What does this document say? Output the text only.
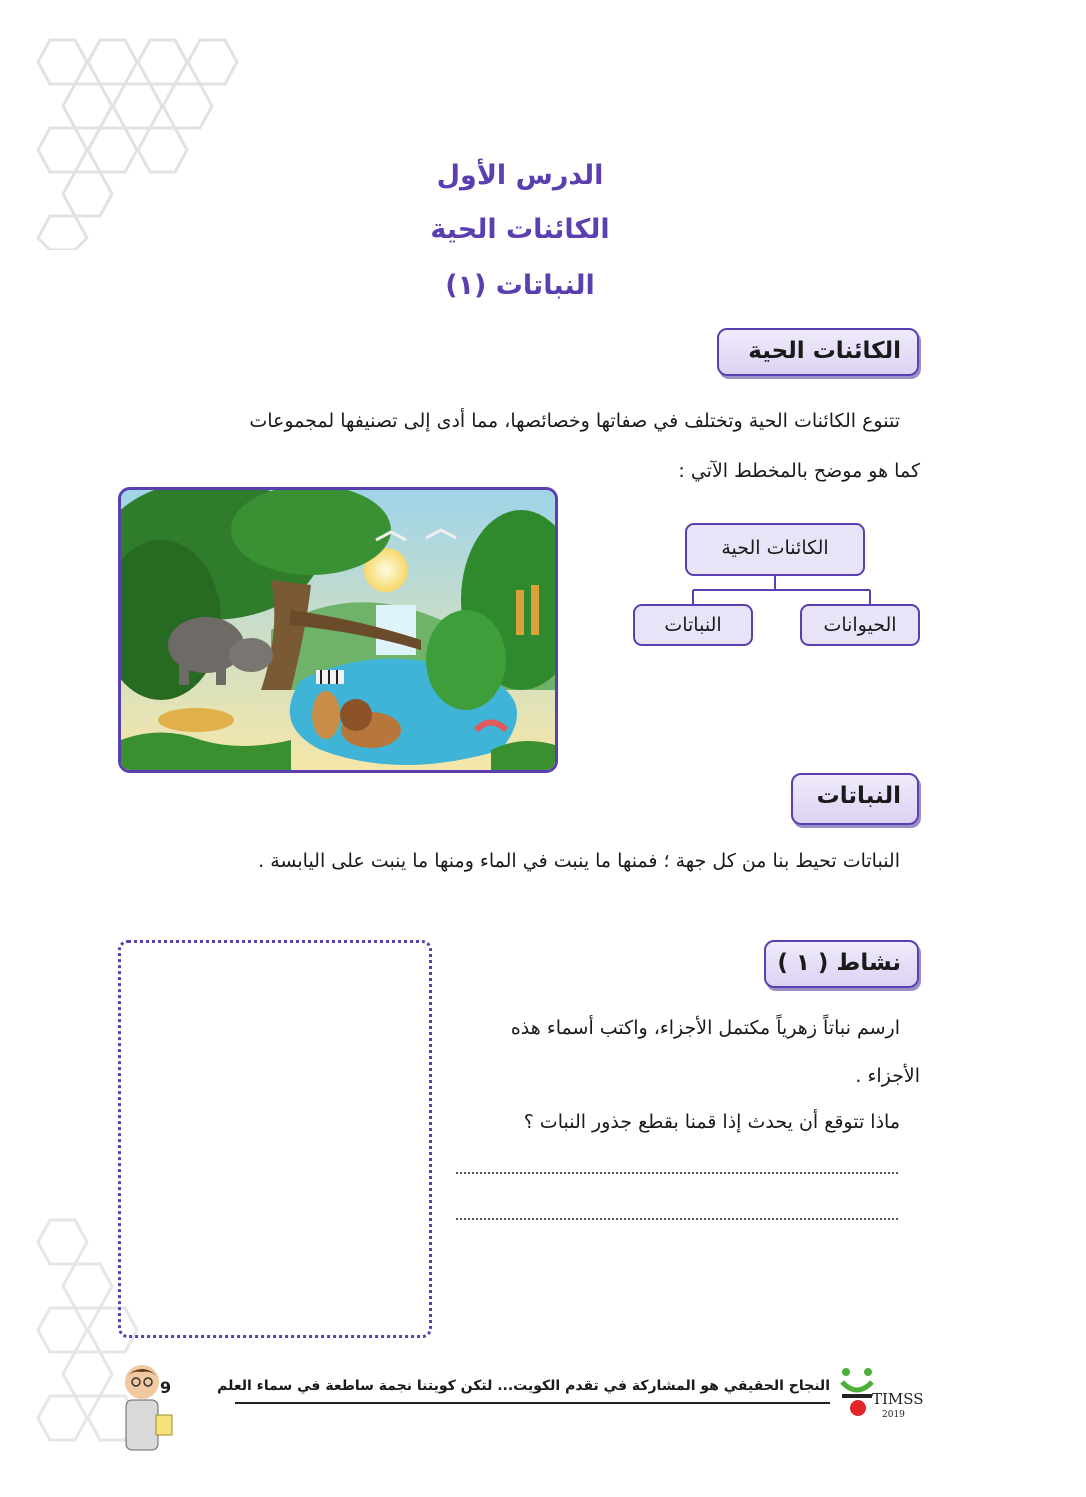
الدرس الأول
الكائنات الحية
النباتات (١)
الكائنات الحية
تتنوع الكائنات الحية وتختلف في صفاتها وخصائصها، مما أدى إلى تصنيفها لمجموعات
كما هو موضح بالمخطط الآتي :
الكائنات الحية
الحيوانات
النباتات
النباتات
النباتات تحيط بنا من كل جهة ؛ فمنها ما ينبت في الماء ومنها ما ينبت على اليابسة .
نشاط ( ١ )
ارسم نباتاً زهرياً مكتمل الأجزاء، واكتب أسماء هذه
الأجزاء .
ماذا تتوقع أن يحدث إذا قمنا بقطع جذور النبات ؟
9	النجاح الحقيقي هو المشاركة في تقدم الكويت... لتكن كويتنا نجمة ساطعة في سماء العلم
TIMSS
2019
